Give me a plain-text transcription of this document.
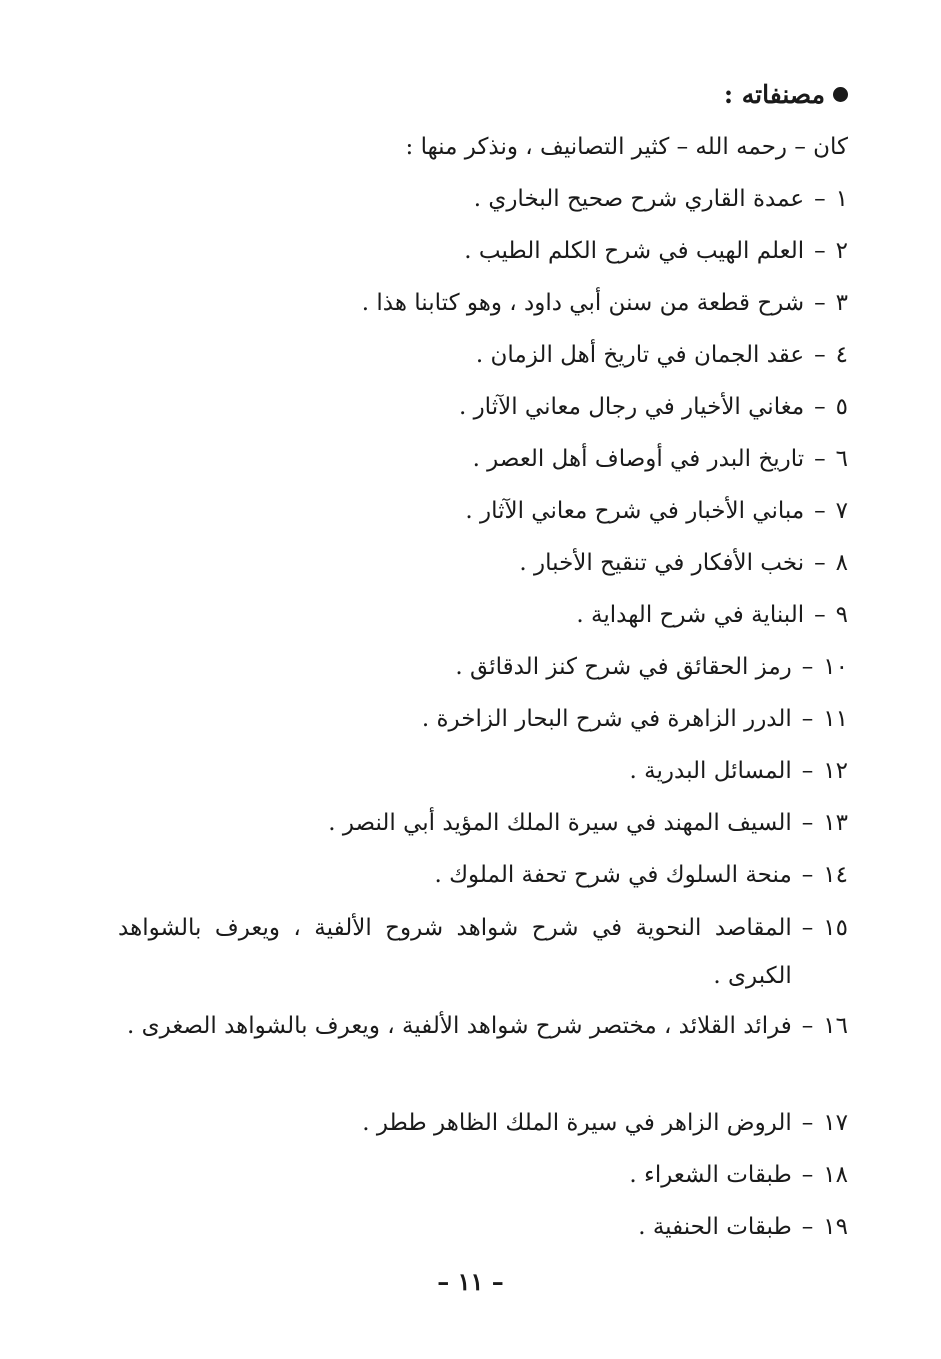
مصنفاته :
كان – رحمه الله – كثير التصانيف ، ونذكر منها :
١
–
عمدة القاري شرح صحيح البخاري .
٢
–
العلم الهيب في شرح الكلم الطيب .
٣
–
شرح قطعة من سنن أبي داود ، وهو كتابنا هذا .
٤
–
عقد الجمان في تاريخ أهل الزمان .
٥
–
مغاني الأخيار في رجال معاني الآثار .
٦
–
تاريخ البدر في أوصاف أهل العصر .
٧
–
مباني الأخبار في شرح معاني الآثار .
٨
–
نخب الأفكار في تنقيح الأخبار .
٩
–
البناية في شرح الهداية .
١٠
–
رمز الحقائق في شرح كنز الدقائق .
١١
–
الدرر الزاهرة في شرح البحار الزاخرة .
١٢
–
المسائل البدرية .
١٣
–
السيف المهند في سيرة الملك المؤيد أبي النصر .
١٤
–
منحة السلوك في شرح تحفة الملوك .
١٥
–
المقاصد النحوية في شرح شواهد شروح الألفية ، ويعرف بالشواهد الكبرى .
١٦
–
فرائد القلائد ، مختصر شرح شواهد الألفية ، ويعرف بالشواهد الصغرى .
١٧
–
الروض الزاهر في سيرة الملك الظاهر ططر .
١٨
–
طبقات الشعراء .
١٩
–
طبقات الحنفية .
– ١١ –
